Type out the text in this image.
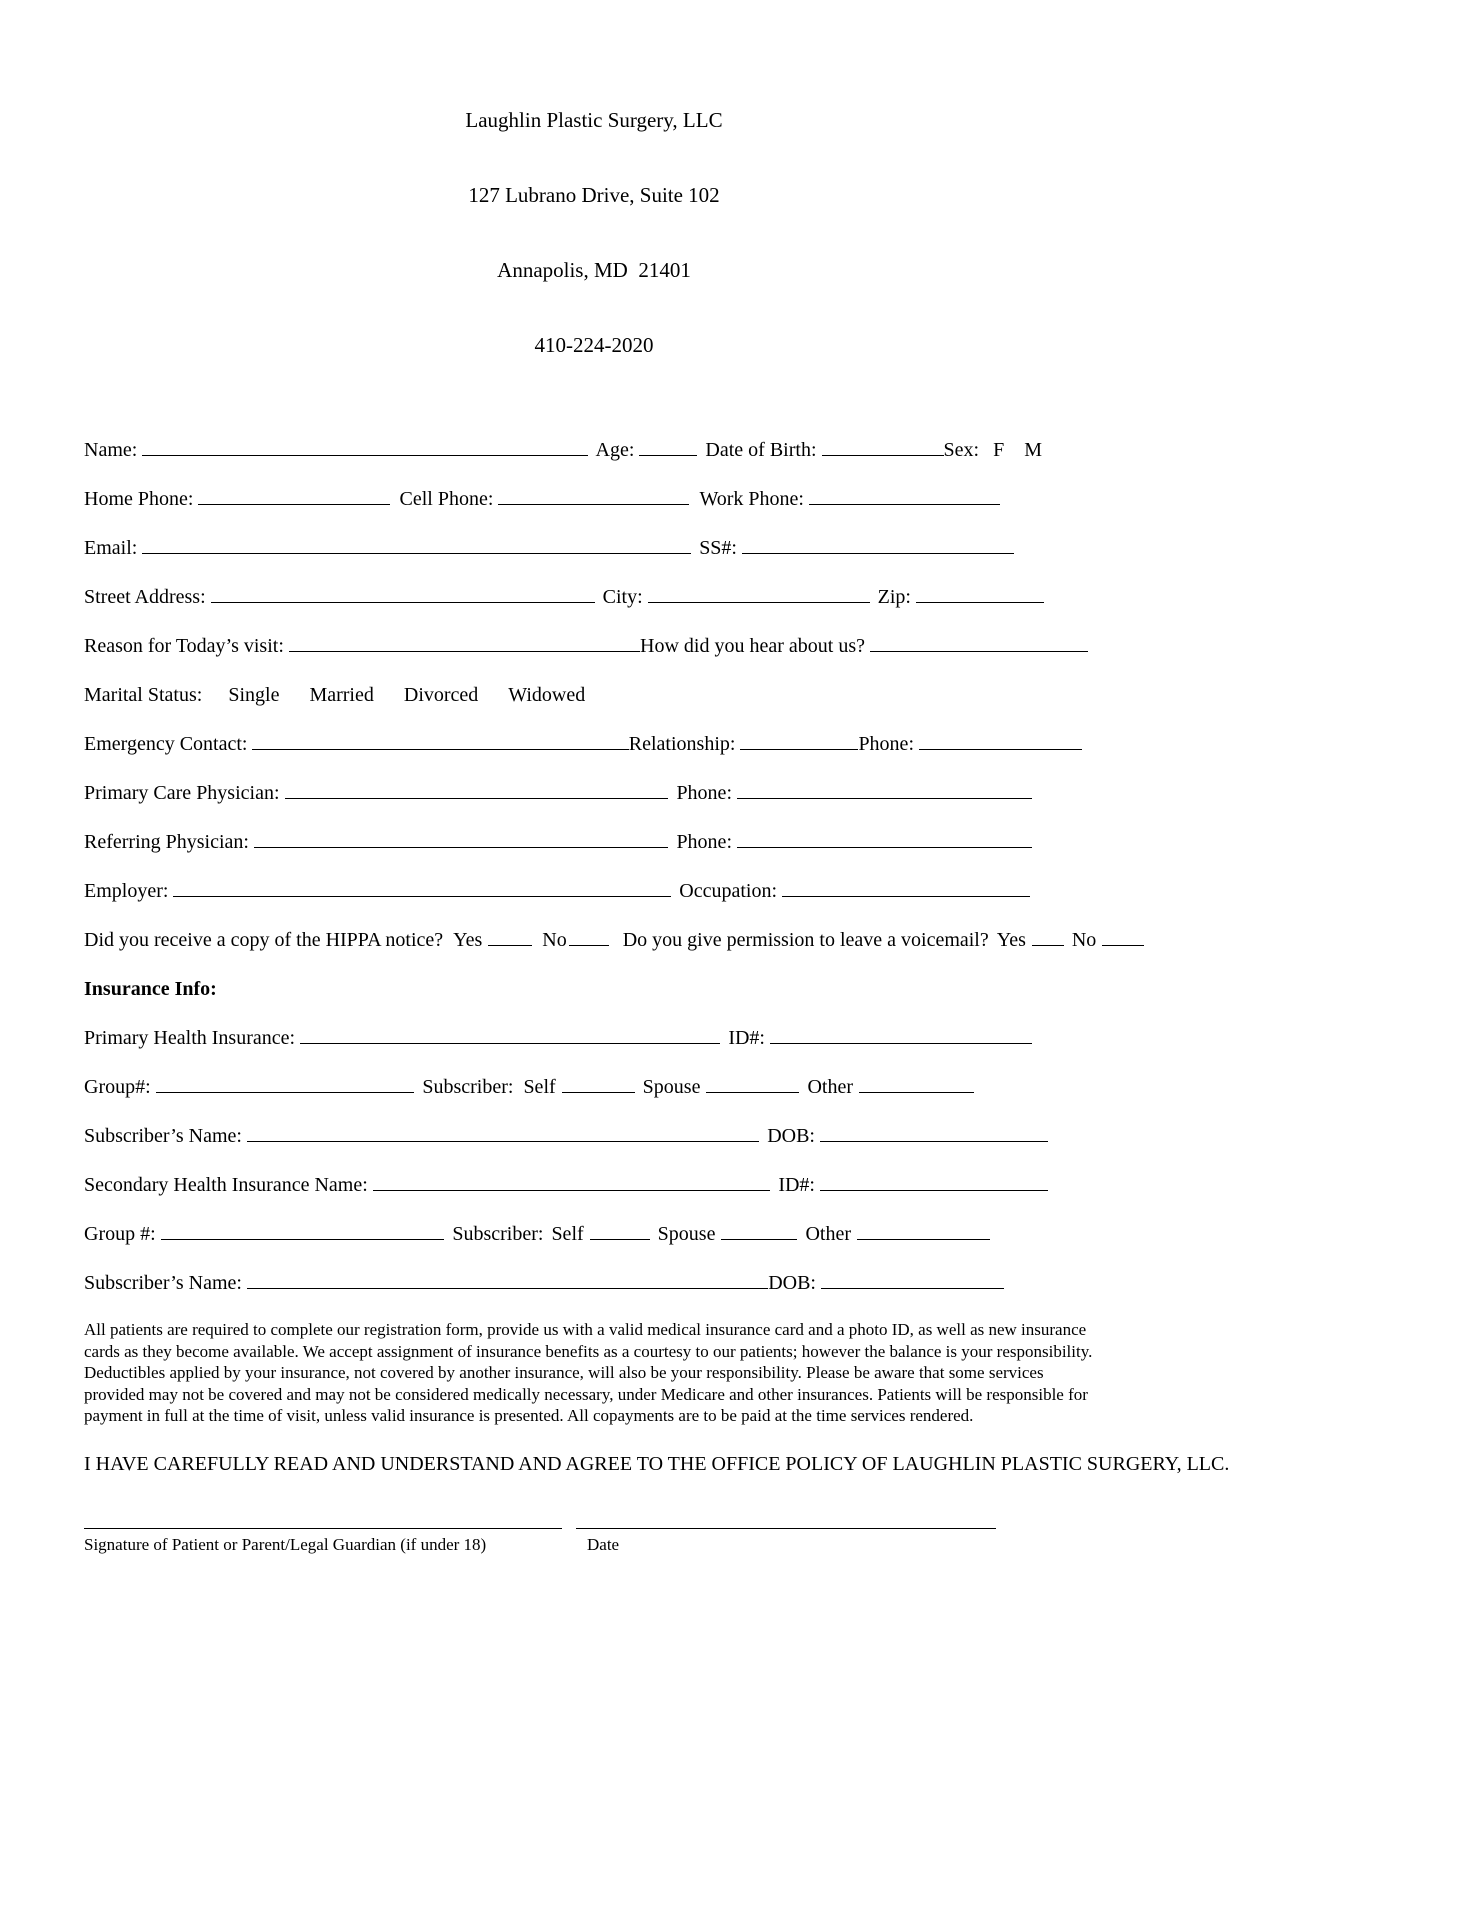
Laughlin Plastic Surgery, LLC

127 Lubrano Drive, Suite 102

Annapolis, MD  21401

410-224-2020

Name:	Age:	Date of Birth:	Sex: F M
Home Phone:	Cell Phone:	Work Phone:
Email:	SS#:
Street Address:	City:	Zip:
Reason for Today’s visit:	How did you hear about us?
Marital Status: Single Married Divorced Widowed
Emergency Contact:	Relationship:	Phone:
Primary Care Physician:	Phone:
Referring Physician:	Phone:
Employer:	Occupation:
Did you receive a copy of the HIPPA notice? Yes	No	Do you give permission to leave a voicemail? Yes No
Insurance Info:
Primary Health Insurance:	ID#:
Group#:	Subscriber: Self	Spouse	Other
Subscriber’s Name:	DOB:
Secondary Health Insurance Name:	ID#:
Group #:	Subscriber: Self	Spouse	Other
Subscriber’s Name:	DOB:

All patients are required to complete our registration form, provide us with a valid medical insurance card and a photo ID, as well as new insurance cards as they become available. We accept assignment of insurance benefits as a courtesy to our patients; however the balance is your responsibility. Deductibles applied by your insurance, not covered by another insurance, will also be your responsibility. Please be aware that some services provided may not be covered and may not be considered medically necessary, under Medicare and other insurances. Patients will be responsible for payment in full at the time of visit, unless valid insurance is presented. All copayments are to be paid at the time services rendered.

I HAVE CAREFULLY READ AND UNDERSTAND AND AGREE TO THE OFFICE POLICY OF LAUGHLIN PLASTIC SURGERY, LLC.
Signature of Patient or Parent/Legal Guardian (if under 18)	Date
